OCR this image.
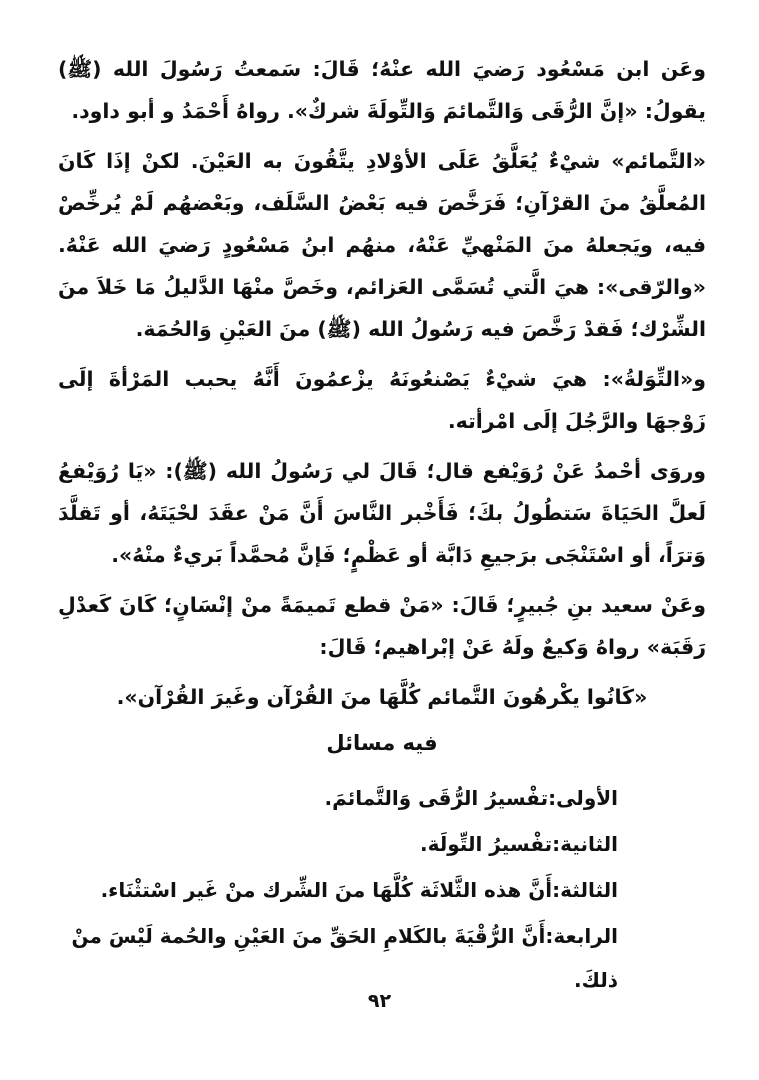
وعَن ابن مَسْعُود رَضيَ الله عنْهُ؛ قَالَ: سَمعتُ رَسُولَ الله (ﷺ) يقولُ: «إنَّ الرُّقَى وَالتَّمائمَ وَالتِّولَةَ شركٌ». رواهُ أَحْمَدُ و أبو داود.

«التَّمائم» شيْءٌ يُعَلَّقُ عَلَى الأوْلادِ يتَّقُونَ به العَيْنَ. لكنْ إذَا كَانَ المُعلَّقُ منَ القرْآنِ؛ فَرَخَّصَ فيه بَعْضُ السَّلَف، وبَعْضهُم لَمْ يُرخِّصْ فيه، ويَجعلهُ منَ المَنْهيِّ عَنْهُ، منهُم ابنُ مَسْعُودٍ رَضيَ الله عَنْهُ. «والرّقى»: هيَ الَّتي تُسَمَّى العَزائم، وخَصَّ منْهَا الدَّليلُ مَا خَلاَ منَ الشِّرْك؛ فَقدْ رَخَّصَ فيه رَسُولُ الله (ﷺ) منَ العَيْنِ وَالحُمَة.

و«التِّوَلةُ»: هيَ شيْءٌ يَصْنعُونَهُ يزْعمُونَ أَنَّهُ يحبب المَرْأةَ إلَى زَوْجهَا والرَّجُلَ إلَى امْرأته.

وروَى أحْمدُ عَنْ رُوَيْفع قال؛ قَالَ لي رَسُولُ الله (ﷺ): «يَا رُوَيْفعُ لَعلَّ الحَيَاةَ سَتطُولُ بكَ؛ فَأَخْبر النَّاسَ أَنَّ مَنْ عقَدَ لحْيَتَهُ، أو تَقلَّدَ وَترَاً، أو اسْتَنْجَى برَجيعِ دَابَّة أو عَظْمٍ؛ فَإنَّ مُحمَّداً بَريءٌ منْهُ».

وعَنْ سعيد بنِ جُبيرٍ؛ قَالَ: «مَنْ قطع تَميمَةً منْ إنْسَانٍ؛ كَانَ كَعدْلِ رَقَبَة» رواهُ وَكيعٌ ولَهُ عَنْ إبْراهيم؛ قَالَ:

«كَانُوا يكْرهُونَ التَّمائم كُلَّهَا منَ القُرْآن وغَيرَ القُرْآن».

فيه مسائل
الأولى:تفْسيرُ الرُّقَى وَالتَّمائمَ.
الثانية:تفْسيرُ التِّولَة.
الثالثة:أَنَّ هذه الثَّلاثَة كُلَّهَا منَ الشِّرك منْ غَير اسْتثْنَاء.
الرابعة:أَنَّ الرُّقْيَةَ بالكَلامِ الحَقِّ منَ العَيْنِ والحُمة لَيْسَ منْ ذلكَ.
٩٢
